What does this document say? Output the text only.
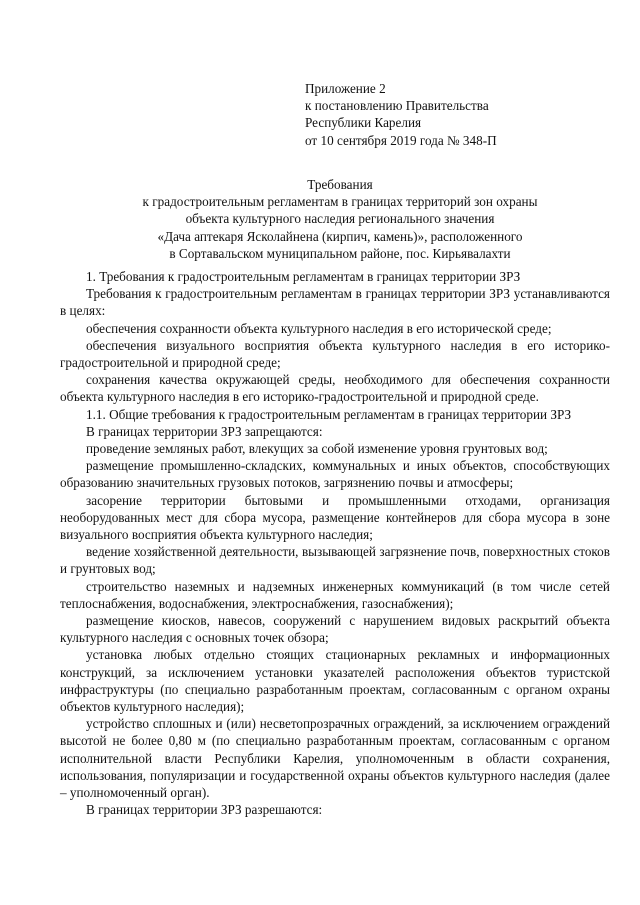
Приложение 2
к постановлению Правительства
Республики Карелия
от 10 сентября 2019 года № 348-П
Требования
к градостроительным регламентам в границах территорий зон охраны
объекта культурного наследия регионального значения
«Дача аптекаря Ясколайнена (кирпич, камень)», расположенного
в Сортавальском муниципальном районе, пос. Кирьявалахти

1. Требования к градостроительным регламентам в границах территории ЗРЗ

Требования к градостроительным регламентам в границах территории ЗРЗ устанавливаются в целях:

обеспечения сохранности объекта культурного наследия в его исторической среде;

обеспечения визуального восприятия объекта культурного наследия в его историко-градостроительной и природной среде;

сохранения качества окружающей среды, необходимого для обеспечения сохранности объекта культурного наследия в его историко-градостроительной и природной среде.

1.1. Общие требования к градостроительным регламентам в границах территории ЗРЗ

В границах территории ЗРЗ запрещаются:

проведение земляных работ, влекущих за собой изменение уровня грунтовых вод;

размещение промышленно-складских, коммунальных и иных объектов, способствующих образованию значительных грузовых потоков, загрязнению почвы и атмосферы;

засорение территории бытовыми и промышленными отходами, организация необорудованных мест для сбора мусора, размещение контейнеров для сбора мусора в зоне визуального восприятия объекта культурного наследия;

ведение хозяйственной деятельности, вызывающей загрязнение почв, поверхностных стоков и грунтовых вод;

строительство наземных и надземных инженерных коммуникаций (в том числе сетей теплоснабжения, водоснабжения, электроснабжения, газоснабжения);

размещение киосков, навесов, сооружений с нарушением видовых раскрытий объекта культурного наследия с основных точек обзора;

установка любых отдельно стоящих стационарных рекламных и информационных конструкций, за исключением установки указателей расположения объектов туристской инфраструктуры (по специально разработанным проектам, согласованным с органом охраны объектов культурного наследия);

устройство сплошных и (или) несветопрозрачных ограждений, за исключением ограждений высотой не более 0,80 м (по специально разработанным проектам, согласованным с органом исполнительной власти Республики Карелия, уполномоченным в области сохранения, использования, популяризации и государственной охраны объектов культурного наследия (далее – уполномоченный орган).

В границах территории ЗРЗ разрешаются:
